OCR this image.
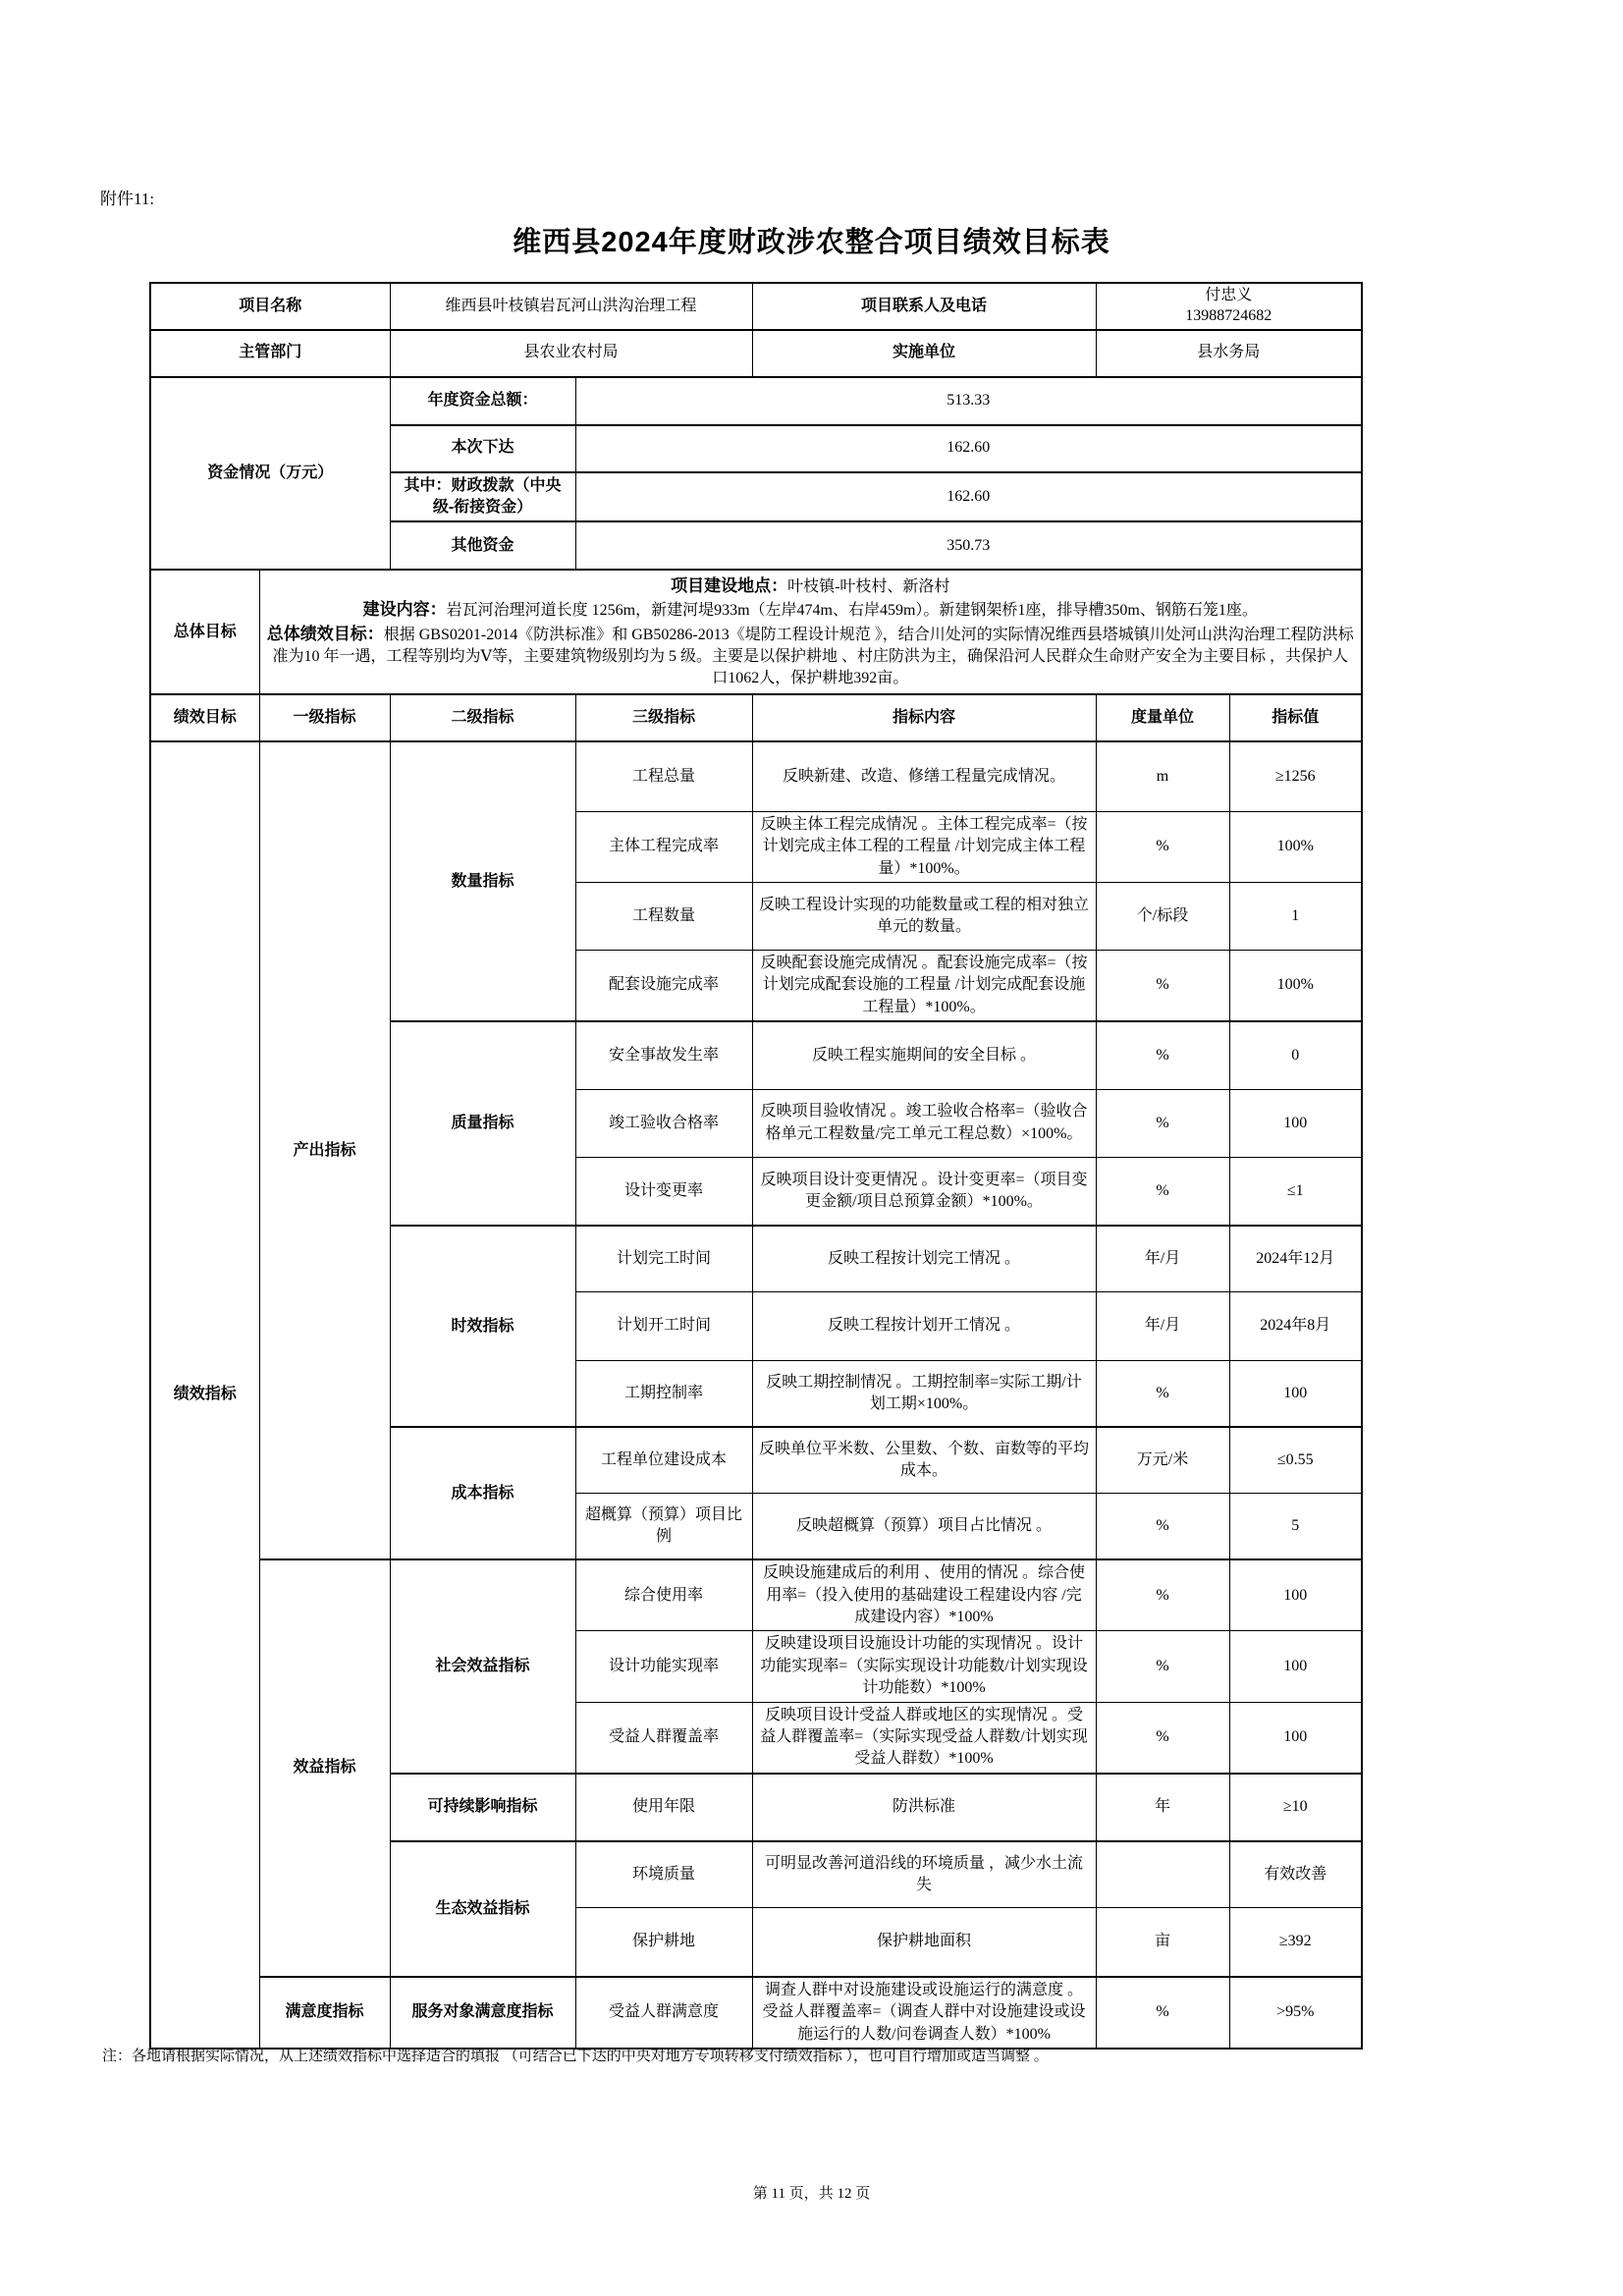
附件11:
维西县2024年度财政涉农整合项目绩效目标表
项目名称		维西县叶枝镇岩瓦河山洪沟治理工程		项目联系人及电话	付忠义
13988724682	

主管部门		县农业农村局		实施单位	县水务局	
资金情况（万元）		年度资金总额：	513.33			
		本次下达	162.60			
		其中：财政拨款（中央级-衔接资金）	162.60			
		其他资金	350.73			
总体目标	项目建设地点：叶枝镇-叶枝村、新洛村
建设内容：岩瓦河治理河道长度 1256m，新建河堤933m（左岸474m、右岸459m）。新建钢架桥1座，排导槽350m、钢筋石笼1座。
总体绩效目标：根据 GBS0201-2014《防洪标准》和 GB50286-2013《堤防工程设计规范 》，结合川处河的实际情况维西县塔城镇川处河山洪沟治理工程防洪标准为10 年一遇，工程等别均为Ⅴ等，主要建筑物级别均为 5 级。主要是以保护耕地 、村庄防洪为主，确保沿河人民群众生命财产安全为主要目标 ，共保护人口1062人，保护耕地392亩。					

绩效目标	一级指标	二级指标	三级指标	指标内容	度量单位	指标值
绩效指标	产出指标	数量指标	工程总量	反映新建、改造、修缮工程量完成情况。	m	≥1256
			主体工程完成率	反映主体工程完成情况 。主体工程完成率=（按计划完成主体工程的工程量 /计划完成主体工程量）*100%。	%	100%
			工程数量	反映工程设计实现的功能数量或工程的相对独立单元的数量。	个/标段	1
			配套设施完成率	反映配套设施完成情况 。配套设施完成率=（按计划完成配套设施的工程量 /计划完成配套设施工程量）*100%。	%	100%
		质量指标	安全事故发生率	反映工程实施期间的安全目标 。	%	0
			竣工验收合格率	反映项目验收情况 。竣工验收合格率=（验收合格单元工程数量/完工单元工程总数）×100%。	%	100
			设计变更率	反映项目设计变更情况 。设计变更率=（项目变更金额/项目总预算金额）*100%。	%	≤1
		时效指标	计划完工时间	反映工程按计划完工情况 。	年/月	2024年12月
			计划开工时间	反映工程按计划开工情况 。	年/月	2024年8月
			工期控制率	反映工期控制情况 。工期控制率=实际工期/计划工期×100%。	%	100
		成本指标	工程单位建设成本	反映单位平米数、公里数、个数、亩数等的平均成本。	万元/米	≤0.55
			超概算（预算）项目比例	反映超概算（预算）项目占比情况 。	%	5
	效益指标	社会效益指标	综合使用率	反映设施建成后的利用 、使用的情况 。综合使用率=（投入使用的基础建设工程建设内容 /完成建设内容）*100%	%	100
			设计功能实现率	反映建设项目设施设计功能的实现情况 。设计功能实现率=（实际实现设计功能数/计划实现设计功能数）*100%	%	100
			受益人群覆盖率	反映项目设计受益人群或地区的实现情况 。受益人群覆盖率=（实际实现受益人群数/计划实现受益人群数）*100%	%	100
		可持续影响指标	使用年限	防洪标准	年	≥10
		生态效益指标	环境质量	可明显改善河道沿线的环境质量 ，减少水土流失		有效改善
			保护耕地	保护耕地面积	亩	≥392
	满意度指标	服务对象满意度指标	受益人群满意度	调查人群中对设施建设或设施运行的满意度 。受益人群覆盖率=（调查人群中对设施建设或设施运行的人数/问卷调查人数）*100%	%	>95%
注：各地请根据实际情况，从上述绩效指标中选择适合的填报 （可结合已下达的中央对地方专项转移支付绩效指标 ），也可自行增加或适当调整 。
第 11 页，共 12 页
